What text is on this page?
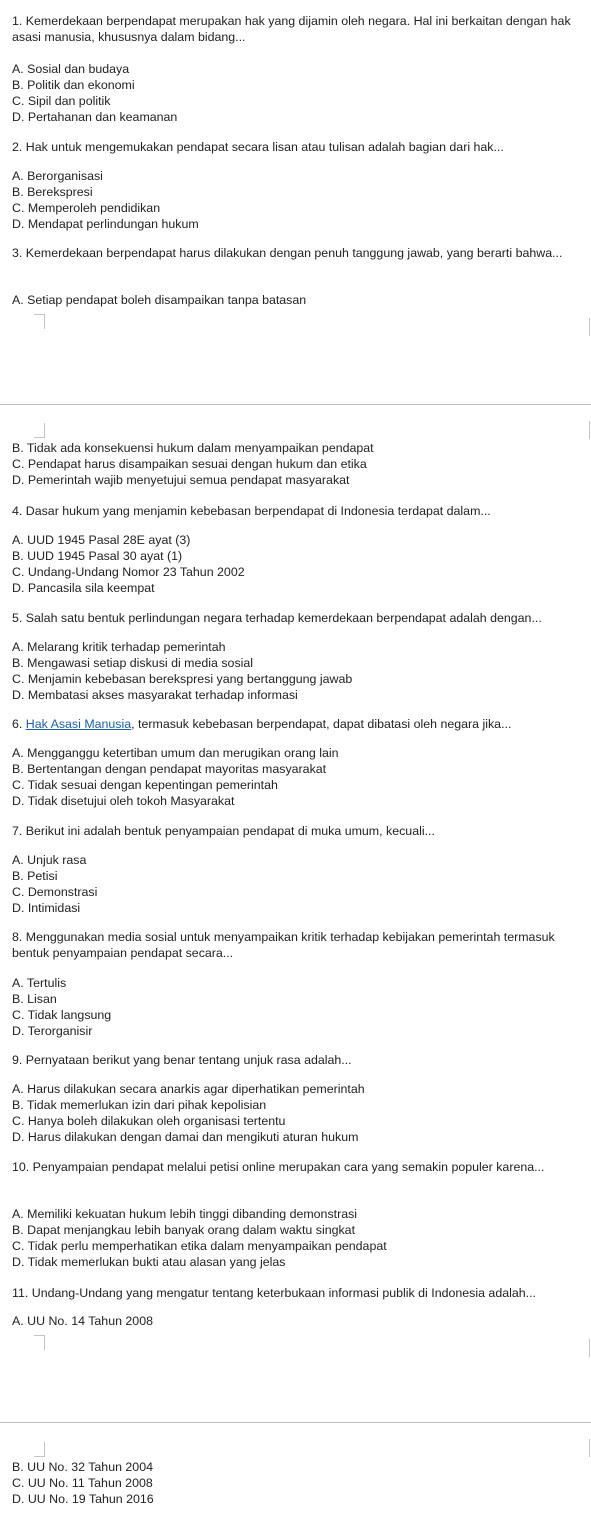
1. Kemerdekaan berpendapat merupakan hak yang dijamin oleh negara. Hal ini berkaitan dengan hak asasi manusia, khususnya dalam bidang...

A. Sosial dan budaya
B. Politik dan ekonomi
C. Sipil dan politik
D. Pertahanan dan keamanan

2. Hak untuk mengemukakan pendapat secara lisan atau tulisan adalah bagian dari hak...

A. Berorganisasi
B. Berekspresi
C. Memperoleh pendidikan
D. Mendapat perlindungan hukum

3. Kemerdekaan berpendapat harus dilakukan dengan penuh tanggung jawab, yang berarti bahwa...

A. Setiap pendapat boleh disampaikan tanpa batasan
B. Tidak ada konsekuensi hukum dalam menyampaikan pendapat
C. Pendapat harus disampaikan sesuai dengan hukum dan etika
D. Pemerintah wajib menyetujui semua pendapat masyarakat

4. Dasar hukum yang menjamin kebebasan berpendapat di Indonesia terdapat dalam...

A. UUD 1945 Pasal 28E ayat (3)
B. UUD 1945 Pasal 30 ayat (1)
C. Undang-Undang Nomor 23 Tahun 2002
D. Pancasila sila keempat

5. Salah satu bentuk perlindungan negara terhadap kemerdekaan berpendapat adalah dengan...

A. Melarang kritik terhadap pemerintah
B. Mengawasi setiap diskusi di media sosial
C. Menjamin kebebasan berekspresi yang bertanggung jawab
D. Membatasi akses masyarakat terhadap informasi

6. Hak Asasi Manusia, termasuk kebebasan berpendapat, dapat dibatasi oleh negara jika...

A. Mengganggu ketertiban umum dan merugikan orang lain
B. Bertentangan dengan pendapat mayoritas masyarakat
C. Tidak sesuai dengan kepentingan pemerintah
D. Tidak disetujui oleh tokoh Masyarakat

7. Berikut ini adalah bentuk penyampaian pendapat di muka umum, kecuali...

A. Unjuk rasa
B. Petisi
C. Demonstrasi
D. Intimidasi

8. Menggunakan media sosial untuk menyampaikan kritik terhadap kebijakan pemerintah termasuk bentuk penyampaian pendapat secara...

A. Tertulis
B. Lisan
C. Tidak langsung
D. Terorganisir

9. Pernyataan berikut yang benar tentang unjuk rasa adalah...

A. Harus dilakukan secara anarkis agar diperhatikan pemerintah
B. Tidak memerlukan izin dari pihak kepolisian
C. Hanya boleh dilakukan oleh organisasi tertentu
D. Harus dilakukan dengan damai dan mengikuti aturan hukum

10. Penyampaian pendapat melalui petisi online merupakan cara yang semakin populer karena...

A. Memiliki kekuatan hukum lebih tinggi dibanding demonstrasi
B. Dapat menjangkau lebih banyak orang dalam waktu singkat
C. Tidak perlu memperhatikan etika dalam menyampaikan pendapat
D. Tidak memerlukan bukti atau alasan yang jelas

11. Undang-Undang yang mengatur tentang keterbukaan informasi publik di Indonesia adalah...

A. UU No. 14 Tahun 2008
B. UU No. 32 Tahun 2004
C. UU No. 11 Tahun 2008
D. UU No. 19 Tahun 2016
